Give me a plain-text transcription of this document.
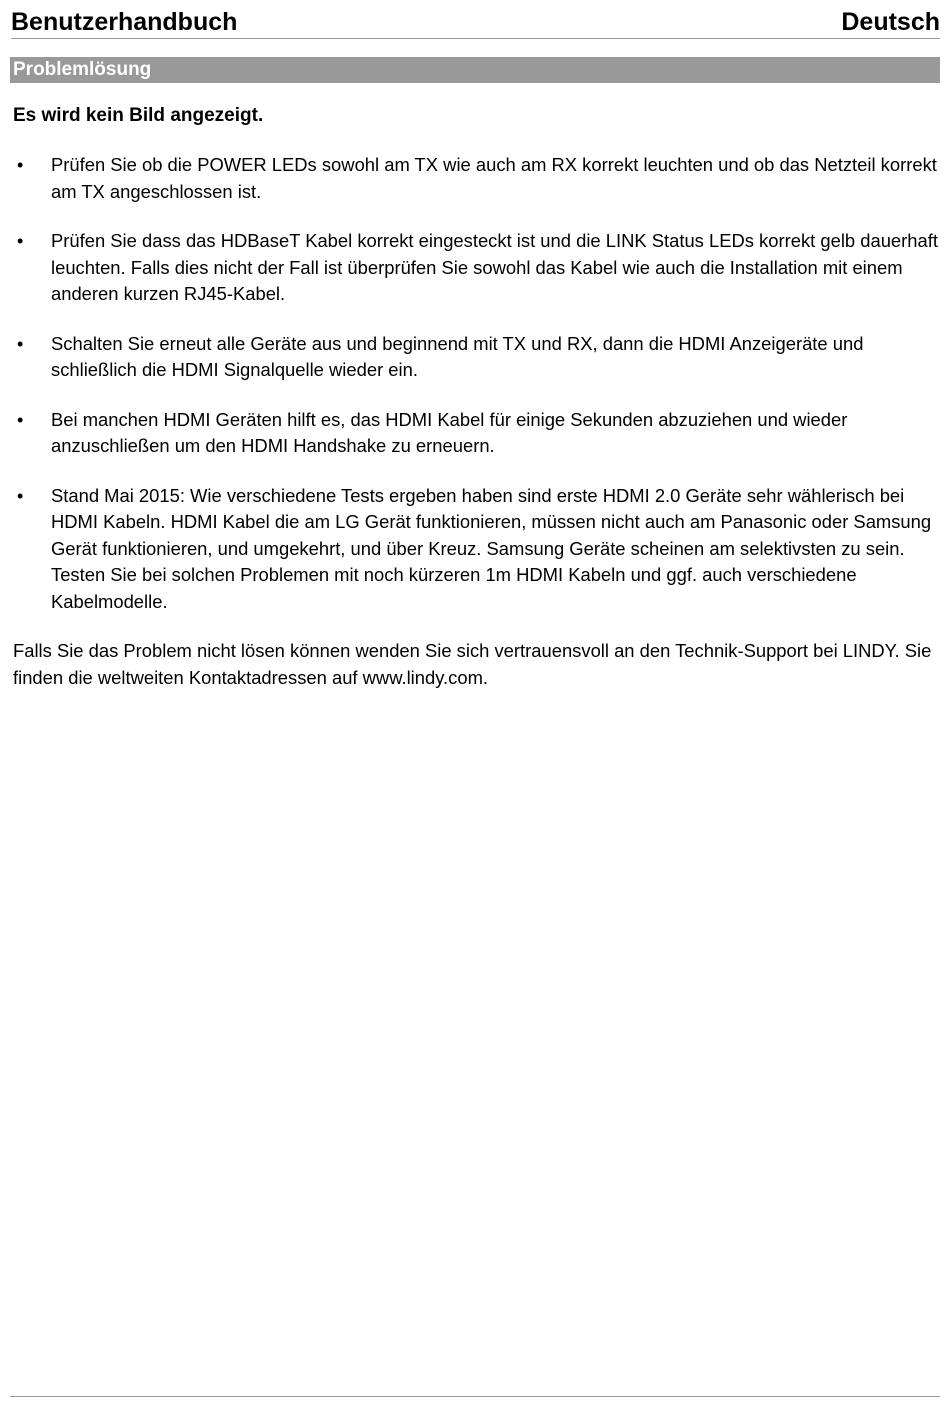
Benutzerhandbuch	Deutsch
Problemlösung

Es wird kein Bild angezeigt.

• Prüfen Sie ob die POWER LEDs sowohl am TX wie auch am RX korrekt leuchten und ob das Netzteil korrekt am TX angeschlossen ist.
• Prüfen Sie dass das HDBaseT Kabel korrekt eingesteckt ist und die LINK Status LEDs korrekt gelb dauerhaft leuchten. Falls dies nicht der Fall ist überprüfen Sie sowohl das Kabel wie auch die Installation mit einem anderen kurzen RJ45-Kabel.
• Schalten Sie erneut alle Geräte aus und beginnend mit TX und RX, dann die HDMI Anzeigeräte und schließlich die HDMI Signalquelle wieder ein.
• Bei manchen HDMI Geräten hilft es, das HDMI Kabel für einige Sekunden abzuziehen und wieder anzuschließen um den HDMI Handshake zu erneuern.
• Stand Mai 2015: Wie verschiedene Tests ergeben haben sind erste HDMI 2.0 Geräte sehr wählerisch bei HDMI Kabeln. HDMI Kabel die am LG Gerät funktionieren, müssen nicht auch am Panasonic oder Samsung Gerät funktionieren, und umgekehrt, und über Kreuz. Samsung Geräte scheinen am selektivsten zu sein. Testen Sie bei solchen Problemen mit noch kürzeren 1m HDMI Kabeln und ggf. auch verschiedene Kabelmodelle.

Falls Sie das Problem nicht lösen können wenden Sie sich vertrauensvoll an den Technik-Support bei LINDY. Sie finden die weltweiten Kontaktadressen auf www.lindy.com.
